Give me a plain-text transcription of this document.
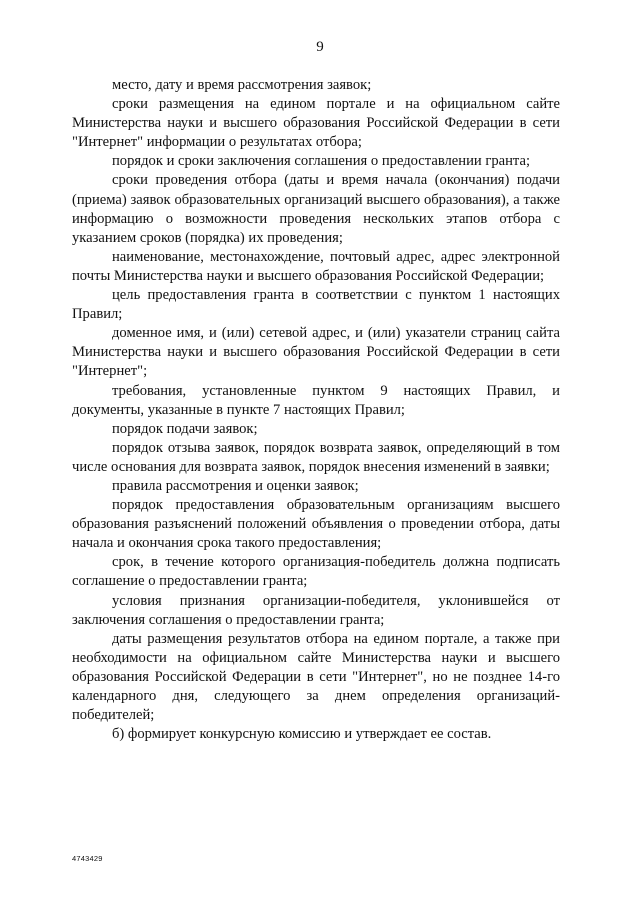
9

место, дату и время рассмотрения заявок;

сроки размещения на едином портале и на официальном сайте Министерства науки и высшего образования Российской Федерации в сети "Интернет" информации о результатах отбора;

порядок и сроки заключения соглашения о предоставлении гранта;

сроки проведения отбора (даты и время начала (окончания) подачи (приема) заявок образовательных организаций высшего образования), а также информацию о возможности проведения нескольких этапов отбора с указанием сроков (порядка) их проведения;

наименование, местонахождение, почтовый адрес, адрес электронной почты Министерства науки и высшего образования Российской Федерации;

цель предоставления гранта в соответствии с пунктом 1 настоящих Правил;

доменное имя, и (или) сетевой адрес, и (или) указатели страниц сайта Министерства науки и высшего образования Российской Федерации в сети "Интернет";

требования, установленные пунктом 9 настоящих Правил, и документы, указанные в пункте 7 настоящих Правил;

порядок подачи заявок;

порядок отзыва заявок, порядок возврата заявок, определяющий в том числе основания для возврата заявок, порядок внесения изменений в заявки;

правила рассмотрения и оценки заявок;

порядок предоставления образовательным организациям высшего образования разъяснений положений объявления о проведении отбора, даты начала и окончания срока такого предоставления;

срок, в течение которого организация-победитель должна подписать соглашение о предоставлении гранта;

условия признания организации-победителя, уклонившейся от заключения соглашения о предоставлении гранта;

даты размещения результатов отбора на едином портале, а также при необходимости на официальном сайте Министерства науки и высшего образования Российской Федерации в сети "Интернет", но не позднее 14-го календарного дня, следующего за днем определения организаций-победителей;

б) формирует конкурсную комиссию и утверждает ее состав.

4743429
